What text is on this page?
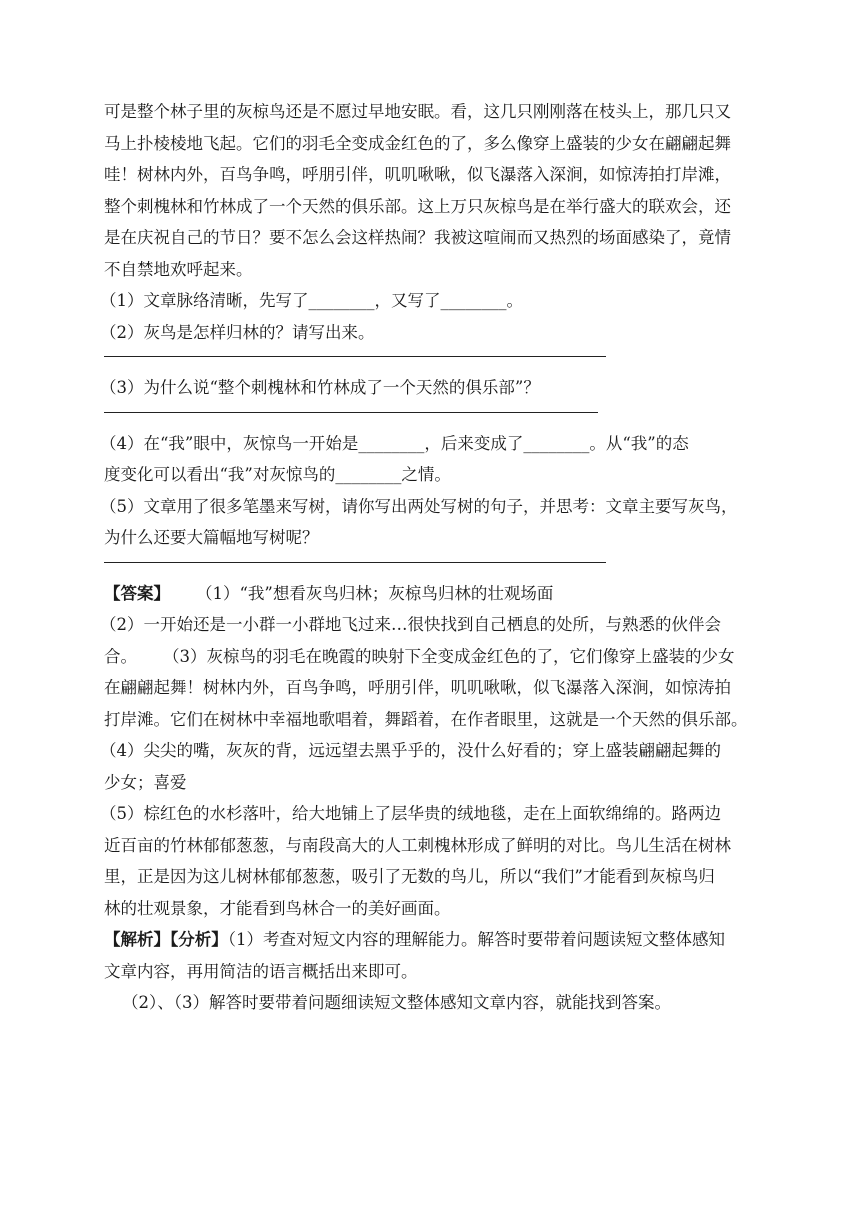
可是整个林子里的灰椋鸟还是不愿过早地安眠。看，这几只刚刚落在枝头上，那几只又
马上扑棱棱地飞起。它们的羽毛全变成金红色的了，多么像穿上盛装的少女在翩翩起舞
哇！树林内外，百鸟争鸣，呼朋引伴，叽叽啾啾，似飞瀑落入深涧，如惊涛拍打岸滩，
整个刺槐林和竹林成了一个天然的俱乐部。这上万只灰椋鸟是在举行盛大的联欢会，还
是在庆祝自己的节日？要不怎么会这样热闹？我被这喧闹而又热烈的场面感染了，竟情
不自禁地欢呼起来。
（1）文章脉络清晰，先写了________，又写了________。
（2）灰鸟是怎样归林的？请写出来。
（3）为什么说“整个刺槐林和竹林成了一个天然的俱乐部”？
（4）在“我”眼中，灰惊鸟一开始是________，后来变成了________。从“我”的态
度变化可以看出“我”对灰惊鸟的________之情。
（5）文章用了很多笔墨来写树，请你写出两处写树的句子，并思考：文章主要写灰鸟，
为什么还要大篇幅地写树呢？
【答案】 （1）“我”想看灰鸟归林；灰椋鸟归林的壮观场面
（2）一开始还是一小群一小群地飞过来…很快找到自己栖息的处所，与熟悉的伙伴会
合。 （3）灰椋鸟的羽毛在晚霞的映射下全变成金红色的了，它们像穿上盛装的少女
在翩翩起舞！树林内外，百鸟争鸣，呼朋引伴，叽叽啾啾，似飞瀑落入深涧，如惊涛拍
打岸滩。它们在树林中幸福地歌唱着，舞蹈着，在作者眼里，这就是一个天然的俱乐部。
（4）尖尖的嘴，灰灰的背，远远望去黑乎乎的，没什么好看的；穿上盛装翩翩起舞的
少女；喜爱
（5）棕红色的水杉落叶，给大地铺上了层华贵的绒地毯，走在上面软绵绵的。路两边
近百亩的竹林郁郁葱葱，与南段高大的人工刺槐林形成了鲜明的对比。鸟儿生活在树林
里，正是因为这儿树林郁郁葱葱，吸引了无数的鸟儿，所以“我们”才能看到灰椋鸟归
林的壮观景象，才能看到鸟林合一的美好画面。
【解析】【分析】（1）考查对短文内容的理解能力。解答时要带着问题读短文整体感知
文章内容，再用简洁的语言概括出来即可。
（2）、（3）解答时要带着问题细读短文整体感知文章内容，就能找到答案。
